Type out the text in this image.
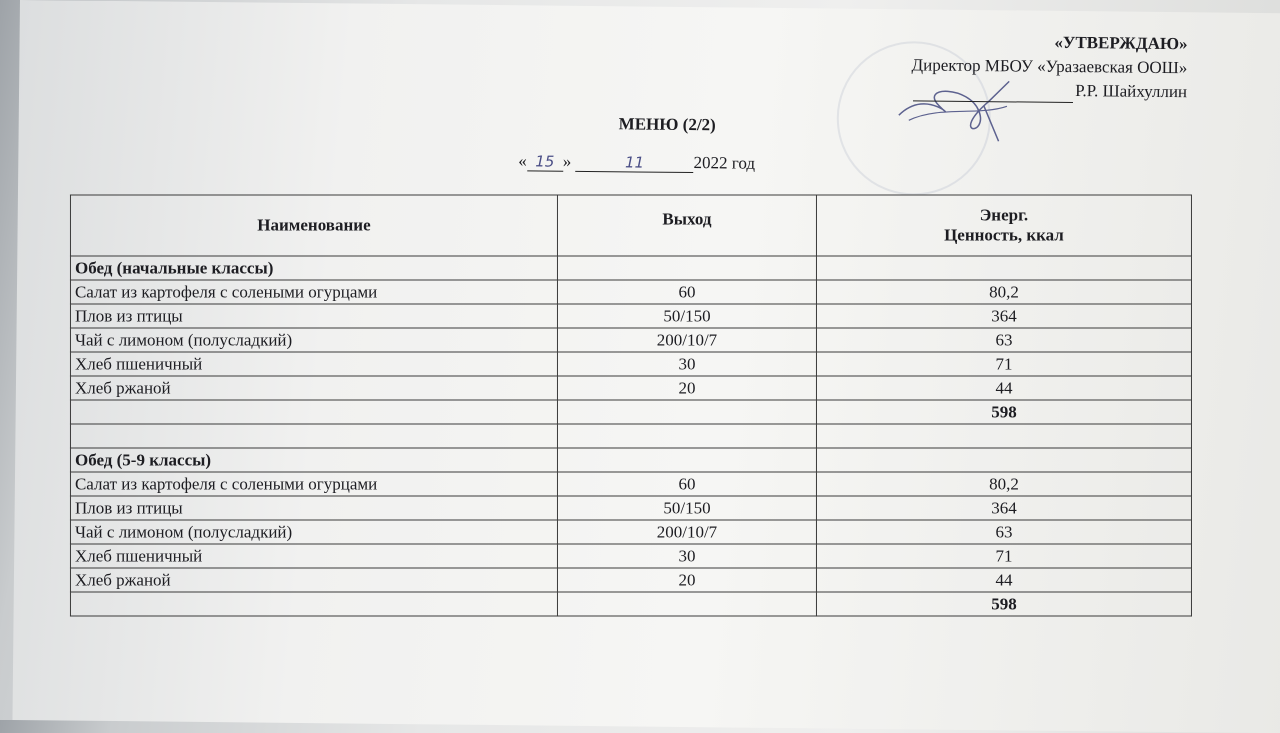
«УТВЕРЖДАЮ»
Директор МБОУ «Уразаевская ООШ»
Р.Р. Шайхуллин
МЕНЮ (2/2)
« 15 »	11	2022 год
Наименование	Выход	Энерг.
Ценность, ккал

Обед (начальные классы)		
Салат из картофеля с солеными огурцами	60	80,2
Плов из птицы	50/150	364
Чай с лимоном (полусладкий)	200/10/7	63
Хлеб пшеничный	30	71
Хлеб ржаной	20	44
		598

Обед (5-9 классы)		
Салат из картофеля с солеными огурцами	60	80,2
Плов из птицы	50/150	364
Чай с лимоном (полусладкий)	200/10/7	63
Хлеб пшеничный	30	71
Хлеб ржаной	20	44
		598
